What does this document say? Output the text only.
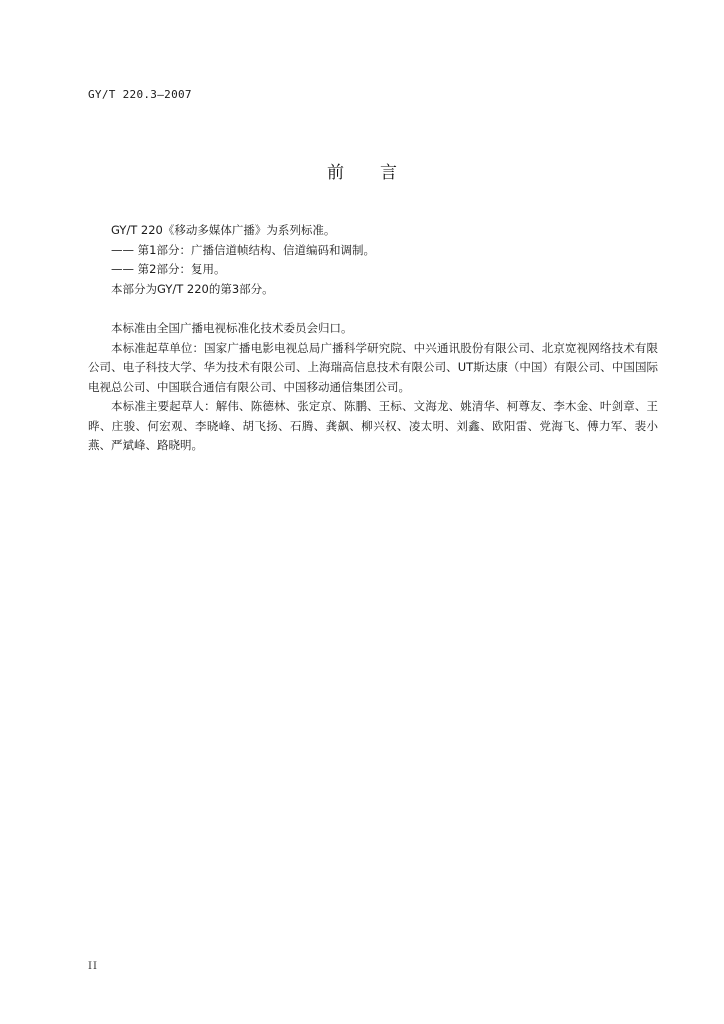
GY/T 220.3—2007
前言

GY/T 220《移动多媒体广播》为系列标准。

—— 第1部分：广播信道帧结构、信道编码和调制。

—— 第2部分：复用。

本部分为GY/T 220的第3部分。

本标准由全国广播电视标准化技术委员会归口。

本标准起草单位：国家广播电影电视总局广播科学研究院、中兴通讯股份有限公司、北京宽视网络技术有限公司、电子科技大学、华为技术有限公司、上海瑞高信息技术有限公司、UT斯达康（中国）有限公司、中国国际电视总公司、中国联合通信有限公司、中国移动通信集团公司。

本标准主要起草人：解伟、陈德林、张定京、陈鹏、王标、文海龙、姚清华、柯尊友、李木金、叶剑章、王晔、庄骏、何宏观、李晓峰、胡飞扬、石腾、龚飙、柳兴权、凌太明、刘鑫、欧阳雷、党海飞、傅力军、裴小燕、严斌峰、路晓明。

II
